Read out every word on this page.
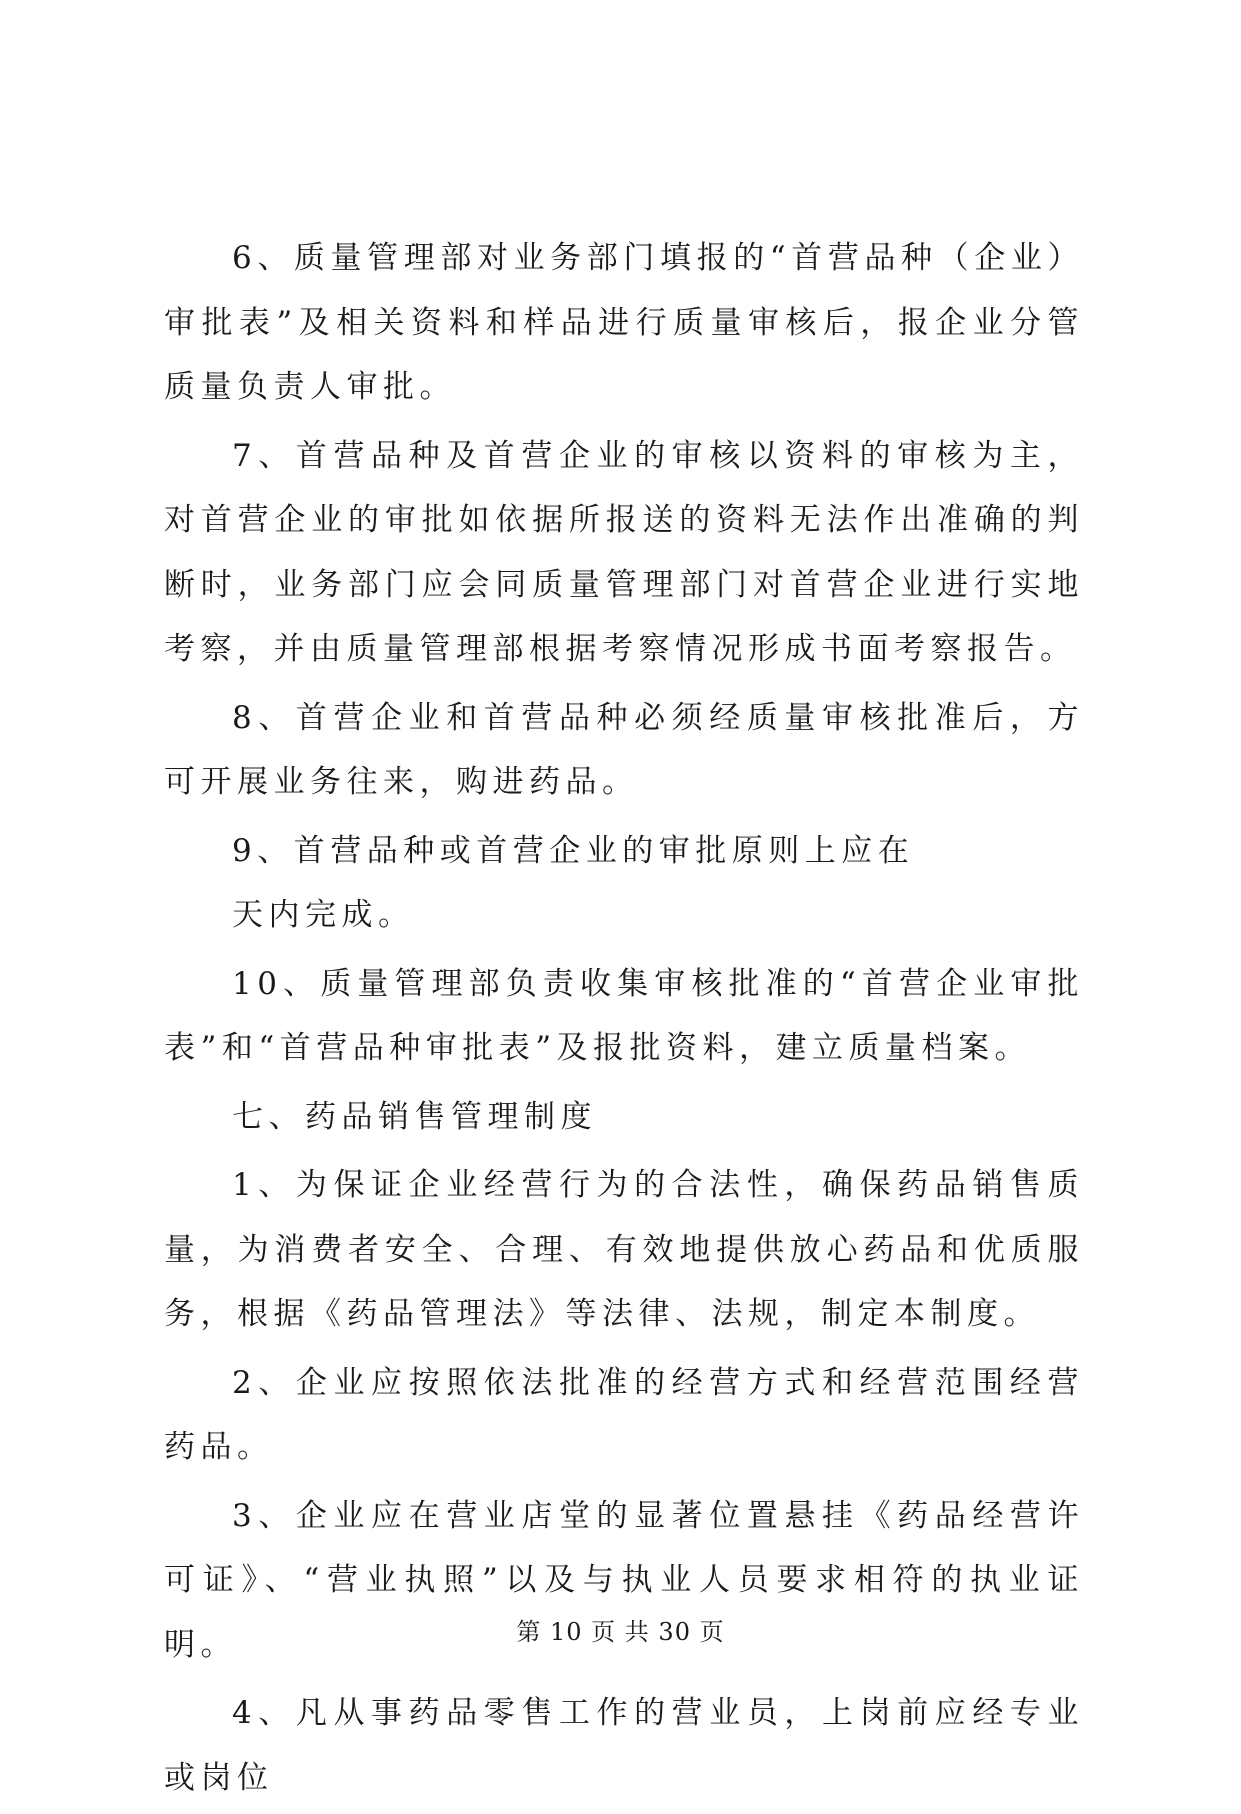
6、质量管理部对业务部门填报的“首营品种（企业）审批表”及相关资料和样品进行质量审核后，报企业分管质量负责人审批。

7、首营品种及首营企业的审核以资料的审核为主，对首营企业的审批如依据所报送的资料无法作出准确的判断时，业务部门应会同质量管理部门对首营企业进行实地考察，并由质量管理部根据考察情况形成书面考察报告。

8、首营企业和首营品种必须经质量审核批准后，方可开展业务往来，购进药品。

9、首营品种或首营企业的审批原则上应在

天内完成。

10、质量管理部负责收集审核批准的“首营企业审批表”和“首营品种审批表”及报批资料，建立质量档案。

七、药品销售管理制度

1、为保证企业经营行为的合法性，确保药品销售质量，为消费者安全、合理、有效地提供放心药品和优质服务，根据《药品管理法》等法律、法规，制定本制度。

2、企业应按照依法批准的经营方式和经营范围经营药品。

3、企业应在营业店堂的显著位置悬挂《药品经营许可证》、“营业执照”以及与执业人员要求相符的执业证明。

4、凡从事药品零售工作的营业员，上岗前应经专业或岗位

第 10 页 共 30 页
